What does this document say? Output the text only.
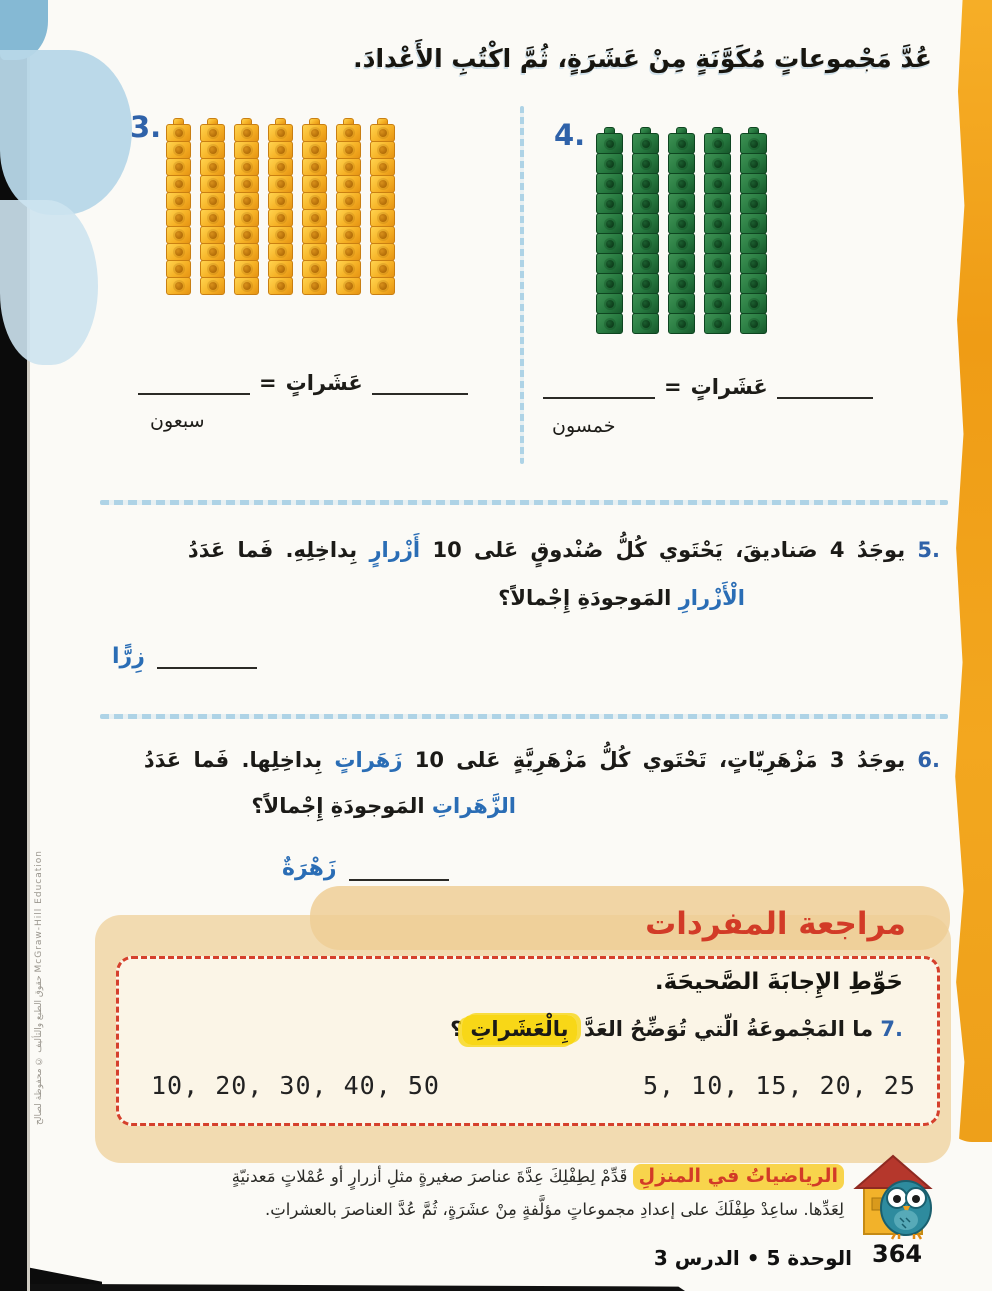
حقوق الطبع والتأليف © محفوظة لصالح McGraw-Hill Education
عُدَّ مَجْموعاتٍ مُكَوَّنَةٍ مِنْ عَشَرَةٍ، ثُمَّ اكْتُبِ الأَعْدادَ.
3.	4.
عَشَراتٍ
=
سبعون
عَشَراتٍ
=
خمسون
5. يوجَدُ 4 صَناديقَ، يَحْتَوي كُلُّ صُنْدوقٍ عَلى 10 أَزْرارٍ بِداخِلِهِ. فَما عَدَدُ
الْأَزْرارِ المَوجودَةِ إِجْمالاً؟
زِرًّا
6. يوجَدُ 3 مَزْهَرِيّاتٍ، تَحْتَوي كُلُّ مَزْهَرِيَّةٍ عَلى 10 زَهَراتٍ بِداخِلِها. فَما عَدَدُ
الزَّهَراتِ المَوجودَةِ إِجْمالاً؟
زَهْرَةٌ
مراجعة المفردات
حَوِّطِ الإِجابَةَ الصَّحيحَةَ.
7. ما المَجْموعَةُ الّتي تُوَضِّحُ العَدَّ بِالْعَشَراتِ؟
10, 20, 30, 40, 50	5, 10, 15, 20, 25
الرياضياتُ في المنزلِ قَدِّمْ لِطِفْلِكَ عِدَّةَ عناصرَ صغيرةٍ مثلِ أزرارٍ أو عُمْلاتٍ مَعدنيّةٍ لِعَدِّها. ساعِدْ طِفْلَكَ على إعدادِ مجموعاتٍ مؤلَّفةٍ مِنْ عشَرَةٍ، ثُمَّ عُدَّ العناصرَ بالعشراتِ.
364
الوحدة 5 • الدرس 3
